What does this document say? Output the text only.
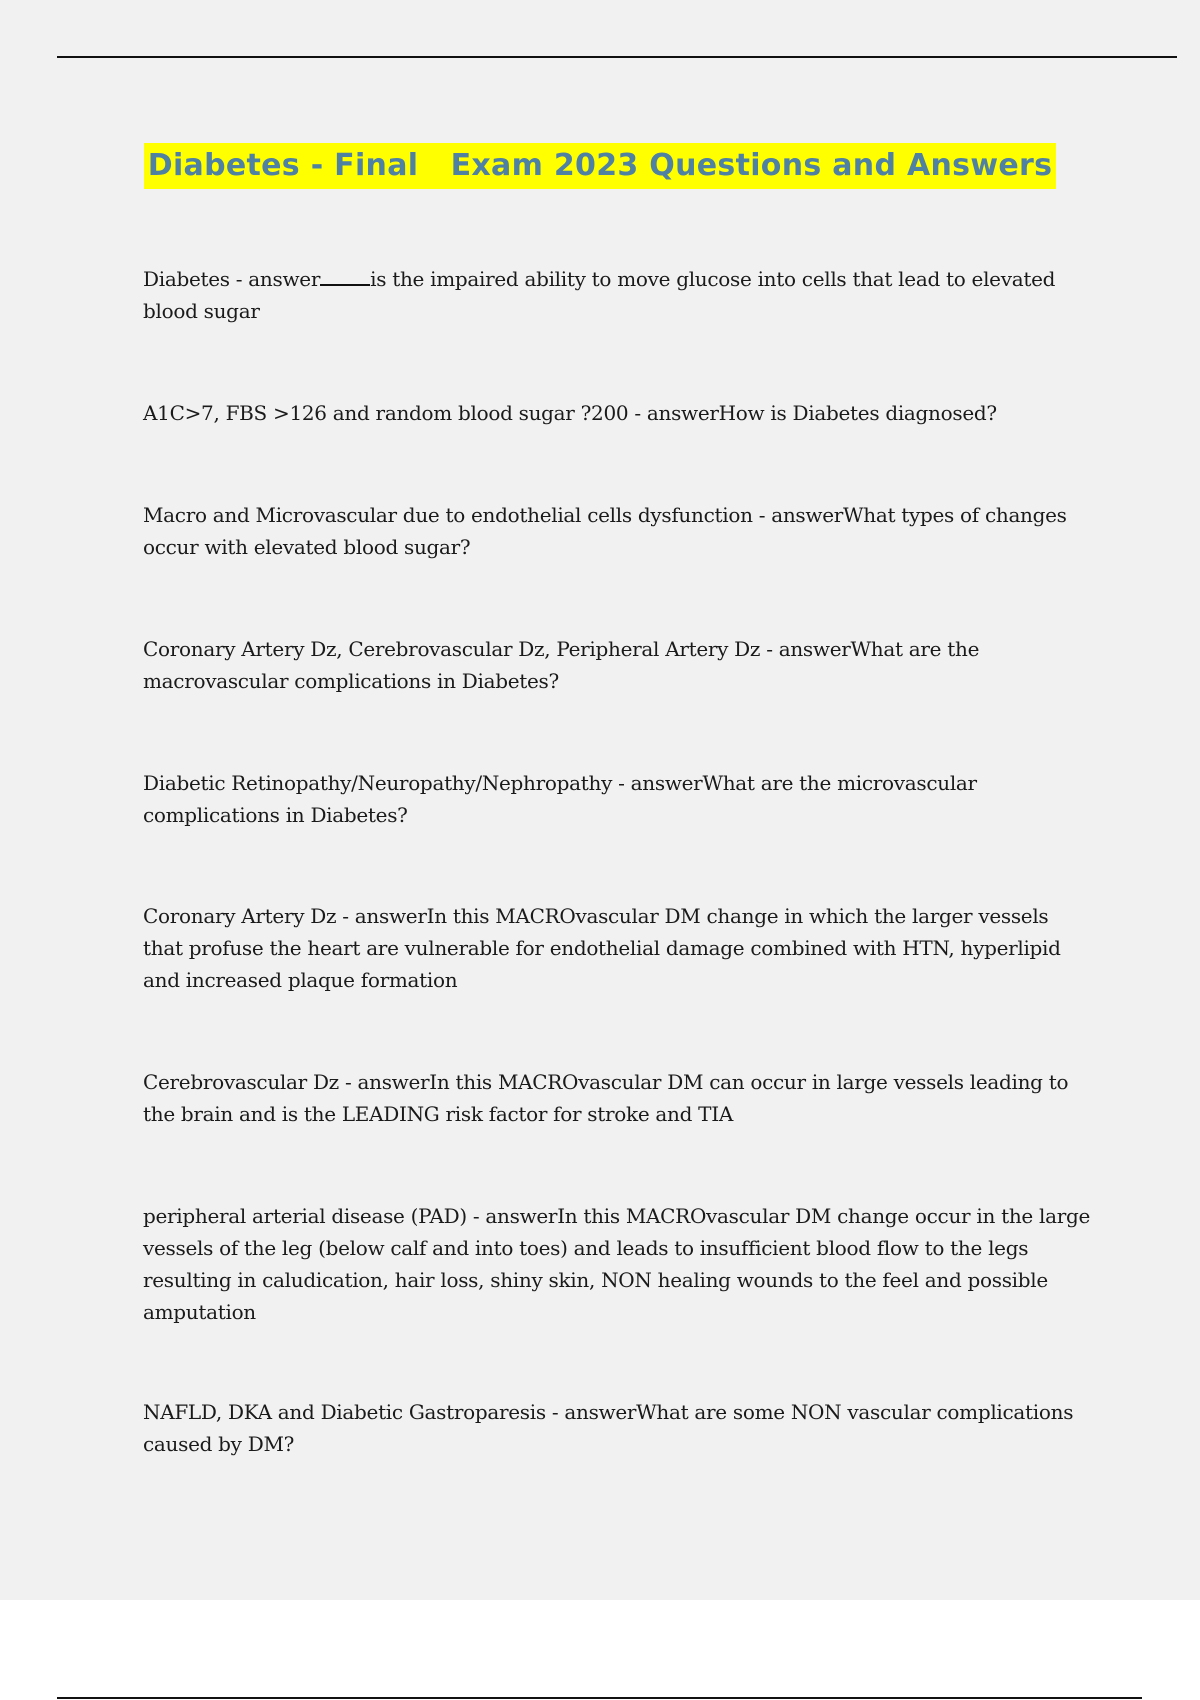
Diabetes - Final   Exam 2023 Questions and Answers

Diabetes - answer	is the impaired ability to move glucose into cells that lead to elevated blood sugar

A1C>7, FBS >126 and random blood sugar ?200 - answerHow is Diabetes diagnosed?

Macro and Microvascular due to endothelial cells dysfunction - answerWhat types of changes occur with elevated blood sugar?

Coronary Artery Dz, Cerebrovascular Dz, Peripheral Artery Dz - answerWhat are the macrovascular complications in Diabetes?

Diabetic Retinopathy/Neuropathy/Nephropathy - answerWhat are the microvascular complications in Diabetes?

Coronary Artery Dz - answerIn this MACROvascular DM change in which the larger vessels that profuse the heart are vulnerable for endothelial damage combined with HTN, hyperlipid and increased plaque formation

Cerebrovascular Dz - answerIn this MACROvascular DM can occur in large vessels leading to the brain and is the LEADING risk factor for stroke and TIA

peripheral arterial disease (PAD) - answerIn this MACROvascular DM change occur in the large vessels of the leg (below calf and into toes) and leads to insufficient blood flow to the legs resulting in caludication, hair loss, shiny skin, NON healing wounds to the feel and possible amputation

NAFLD, DKA and Diabetic Gastroparesis - answerWhat are some NON vascular complications caused by DM?
